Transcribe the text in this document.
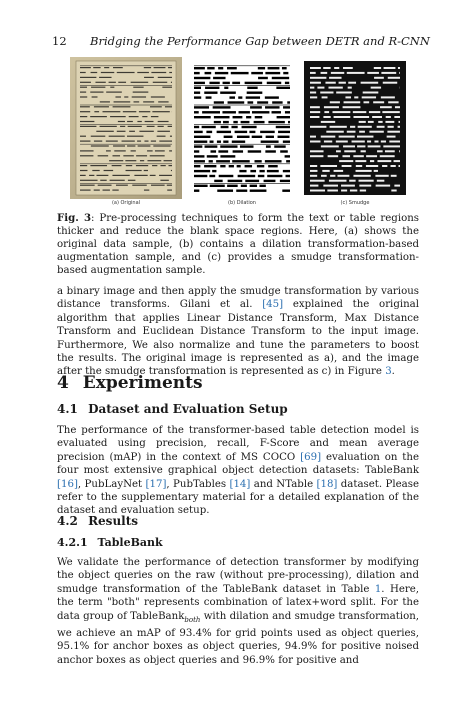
12 Bridging the Performance Gap between DETR and R-CNN
(a) Original	(b) Dilation	(c) Smudge
Fig. 3: Pre-processing techniques to form the text or table regions thicker and reduce the blank space regions. Here, (a) shows the original data sample, (b) contains a dilation transformation-based augmentation sample, and (c) provides a smudge transformation-based augmentation sample.
a binary image and then apply the smudge transformation by various distance transforms. Gilani et al. [45] explained the original algorithm that applies Linear Distance Transform, Max Distance Transform and Euclidean Distance Transform to the input image. Furthermore, We also normalize and tune the parameters to boost the results. The original image is represented as a), and the image after the smudge transformation is represented as c) in Figure 3.
4 Experiments
4.1 Dataset and Evaluation Setup
The performance of the transformer-based table detection model is evaluated using precision, recall, F-Score and mean average precision (mAP) in the context of MS COCO [69] evaluation on the four most extensive graphical object detection datasets: TableBank [16], PubLayNet [17], PubTables [14] and NTable [18] dataset. Please refer to the supplementary material for a detailed explanation of the dataset and evaluation setup.
4.2 Results
4.2.1 TableBank
We validate the performance of detection transformer by modifying the object queries on the raw (without pre-processing), dilation and smudge transformation of the TableBank dataset in Table 1. Here, the term "both" represents combination of latex+word split. For the data group of TableBank$_{both}$ with dilation and smudge transformation, we achieve an mAP of 93.4% for grid points used as object queries, 95.1% for anchor boxes as object queries, 94.9% for positive noised anchor boxes as object queries and 96.9% for positive and
